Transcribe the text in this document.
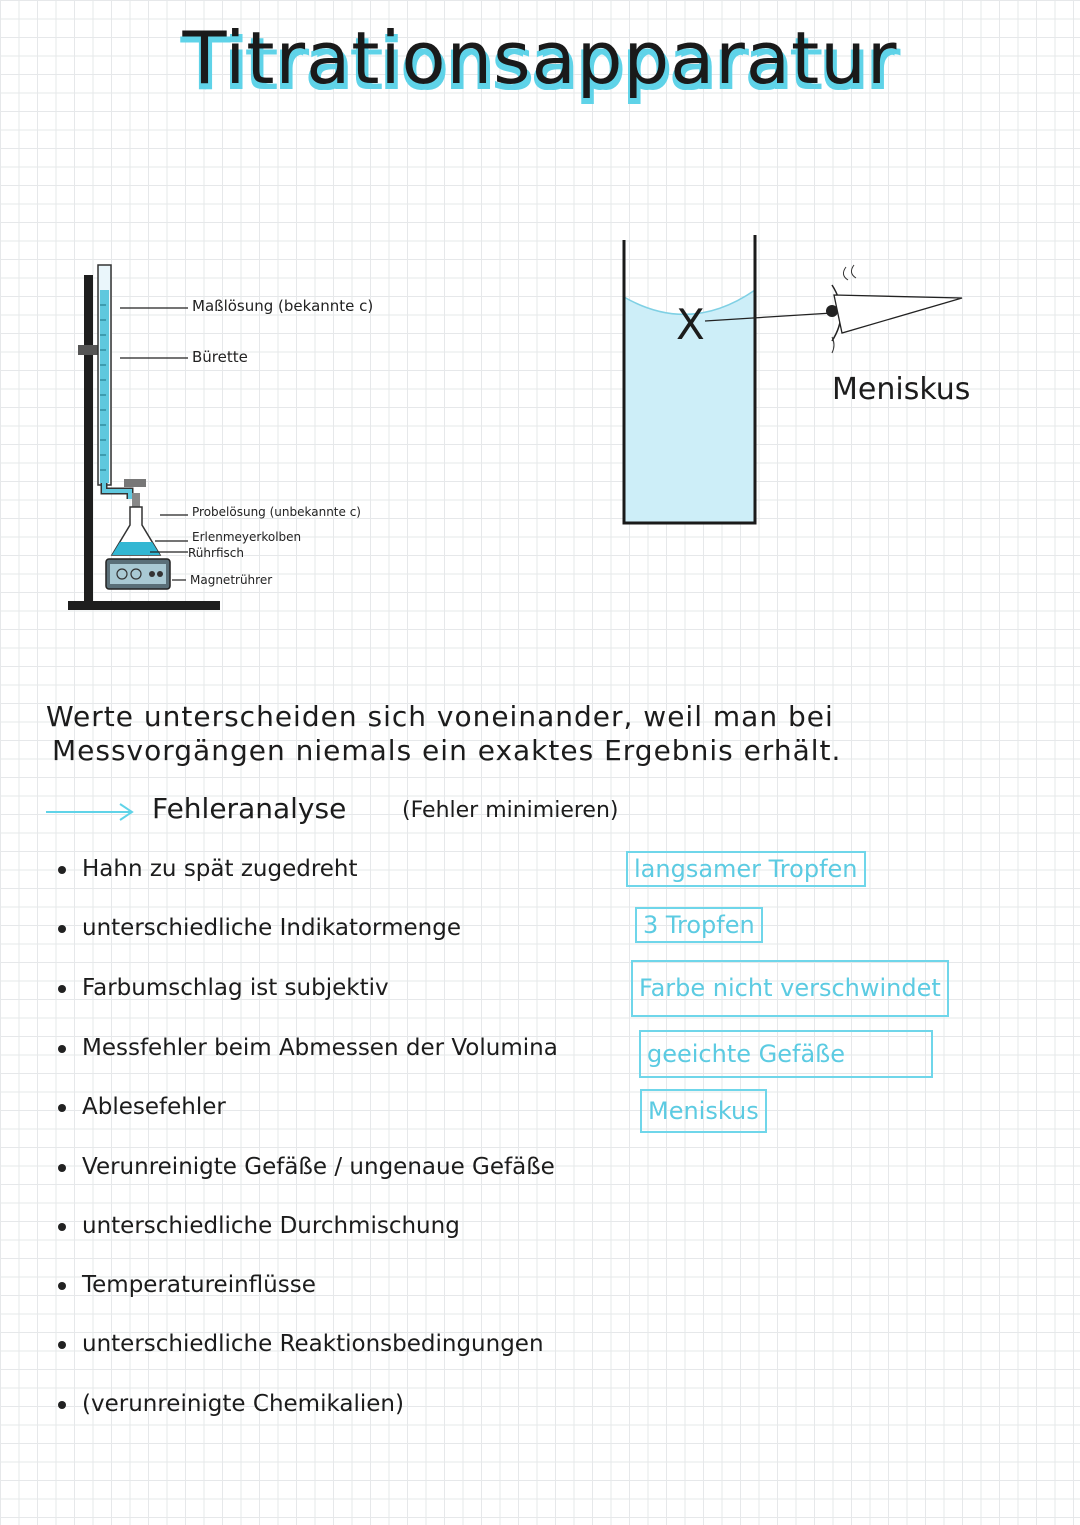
Titrationsapparatur
Maßlösung (bekannte c)
Bürette
Probelösung (unbekannte c)
Erlenmeyerkolben
Rührfisch
Magnetrührer
X
Meniskus
Werte unterscheiden sich voneinander, weil man bei
Messvorgängen niemals ein exaktes Ergebnis erhält.
Fehleranalyse	(Fehler minimieren)
Hahn zu spät zugedreht
unterschiedliche Indikatormenge
Farbumschlag ist subjektiv
Messfehler beim Abmessen der Volumina
Ablesefehler
Verunreinigte Gefäße / ungenaue Gefäße
unterschiedliche Durchmischung
Temperatureinflüsse
unterschiedliche Reaktionsbedingungen
(verunreinigte Chemikalien)
langsamer Tropfen
3 Tropfen
Farbe nicht verschwindet
geeichte Gefäße
Meniskus
